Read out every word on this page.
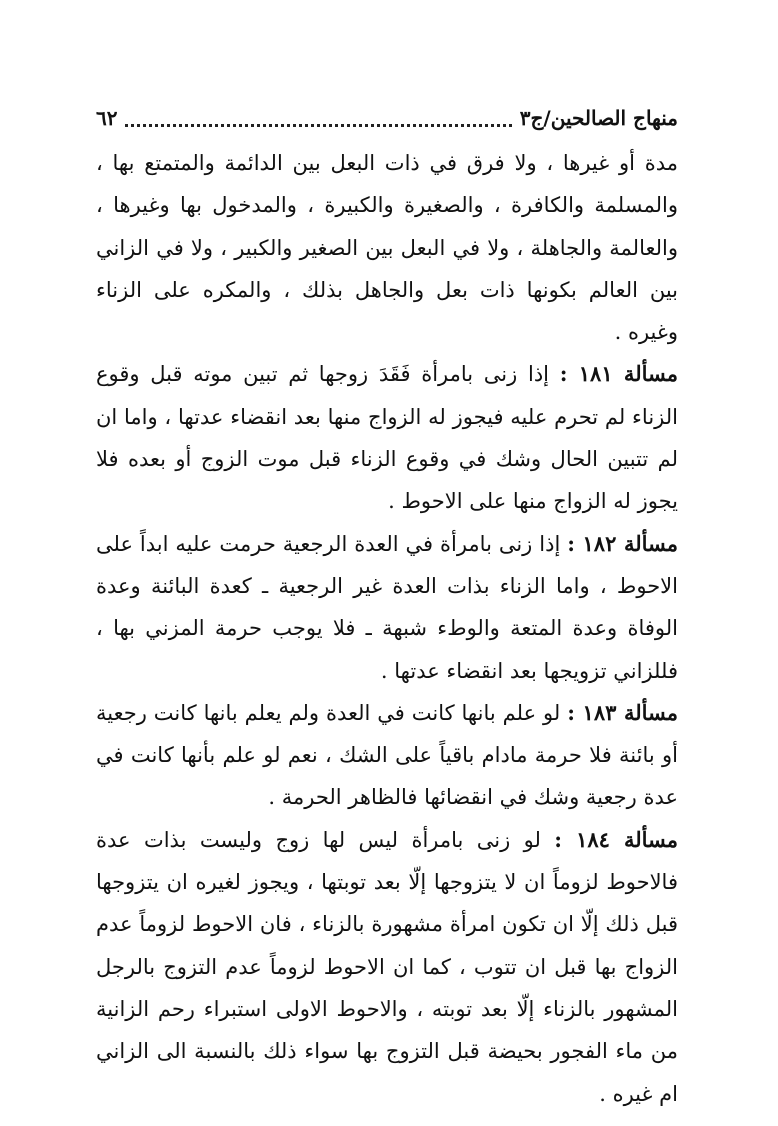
منهاج الصالحين/ج٣
٦٢

مدة أو غيرها ، ولا فرق في ذات البعل بين الدائمة والمتمتع بها ، والمسلمة والكافرة ، والصغيرة والكبيرة ، والمدخول بها وغيرها ، والعالمة والجاهلة ، ولا في البعل بين الصغير والكبير ، ولا في الزاني بين العالم بكونها ذات بعل والجاهل بذلك ، والمكره على الزناء وغيره .

مسألة ١٨١ : إذا زنى بامرأة فَقَدَ زوجها ثم تبين موته قبل وقوع الزناء لم تحرم عليه فيجوز له الزواج منها بعد انقضاء عدتها ، واما ان لم تتبين الحال وشك في وقوع الزناء قبل موت الزوج أو بعده فلا يجوز له الزواج منها على الاحوط .

مسألة ١٨٢ : إذا زنى بامرأة في العدة الرجعية حرمت عليه ابداً على الاحوط ، واما الزناء بذات العدة غير الرجعية ـ كعدة البائنة وعدة الوفاة وعدة المتعة والوطء شبهة ـ فلا يوجب حرمة المزني بها ، فللزاني تزويجها بعد انقضاء عدتها .

مسألة ١٨٣ : لو علم بانها كانت في العدة ولم يعلم بانها كانت رجعية أو بائنة فلا حرمة مادام باقياً على الشك ، نعم لو علم بأنها كانت في عدة رجعية وشك في انقضائها فالظاهر الحرمة .

مسألة ١٨٤ : لو زنى بامرأة ليس لها زوج وليست بذات عدة فالاحوط لزوماً ان لا يتزوجها إلّا بعد توبتها ، ويجوز لغيره ان يتزوجها قبل ذلك إلّا ان تكون امرأة مشهورة بالزناء ، فان الاحوط لزوماً عدم الزواج بها قبل ان تتوب ، كما ان الاحوط لزوماً عدم التزوج بالرجل المشهور بالزناء إلّا بعد توبته ، والاحوط الاولى استبراء رحم الزانية من ماء الفجور بحيضة قبل التزوج بها سواء ذلك بالنسبة الى الزاني ام غيره .
